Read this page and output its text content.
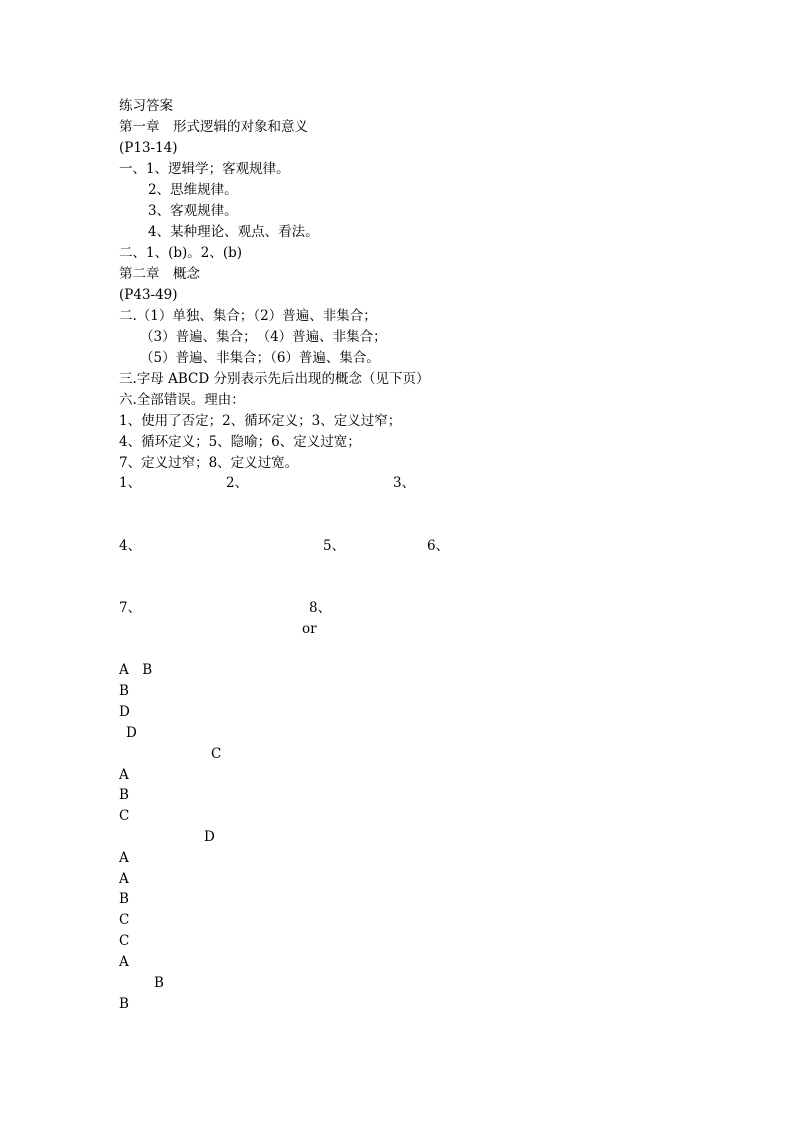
练习答案
第一章　形式逻辑的对象和意义
(P13-14)
一、1、逻辑学；客观规律。
2、思维规律。
3、客观规律。
4、某种理论、观点、看法。
二、1、(b)。2、(b)
第二章　概念
(P43-49)
二.（1）单独、集合；（2）普遍、非集合；
（3）普遍、集合；　（4）普遍、非集合；
（5）普遍、非集合；（6）普遍、集合。
三.字母 ABCD 分别表示先后出现的概念（见下页）
六.全部错误。理由：
1、使用了否定；2、循环定义；3、定义过窄；
4、循环定义；5、隐喻；6、定义过宽；
7、定义过窄；8、定义过宽。
1、	2、	3、
4、	5、	6、
7、	8、
or
A　B
B
D
D
C
A
B
C
D
A
A
B
C
C
A
B
B
